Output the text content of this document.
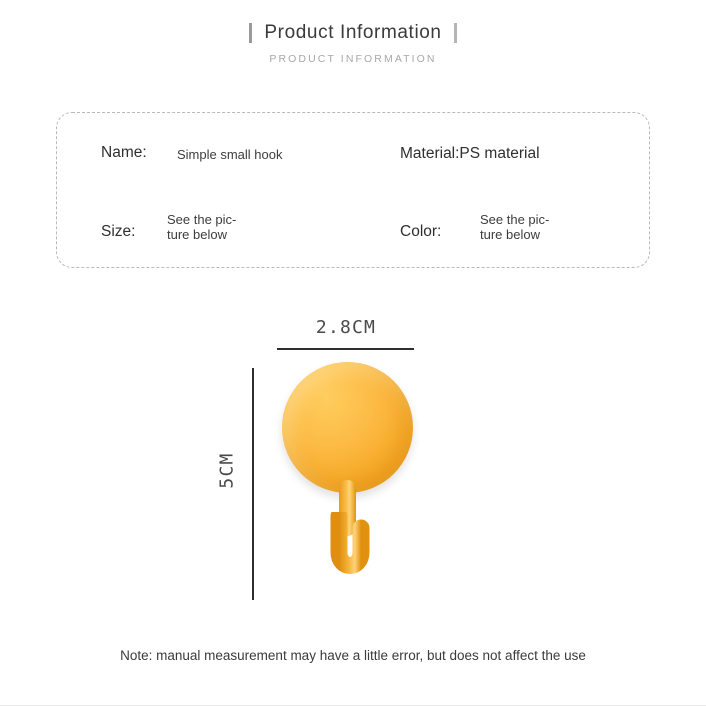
Product Information
PRODUCT INFORMATION
Name: Simple small hook	Material:PS material
Size:
See the pic-ture below	Color:
See the pic-ture below
2.8CM
5CM
Note: manual measurement may have a little error, but does not affect the use
